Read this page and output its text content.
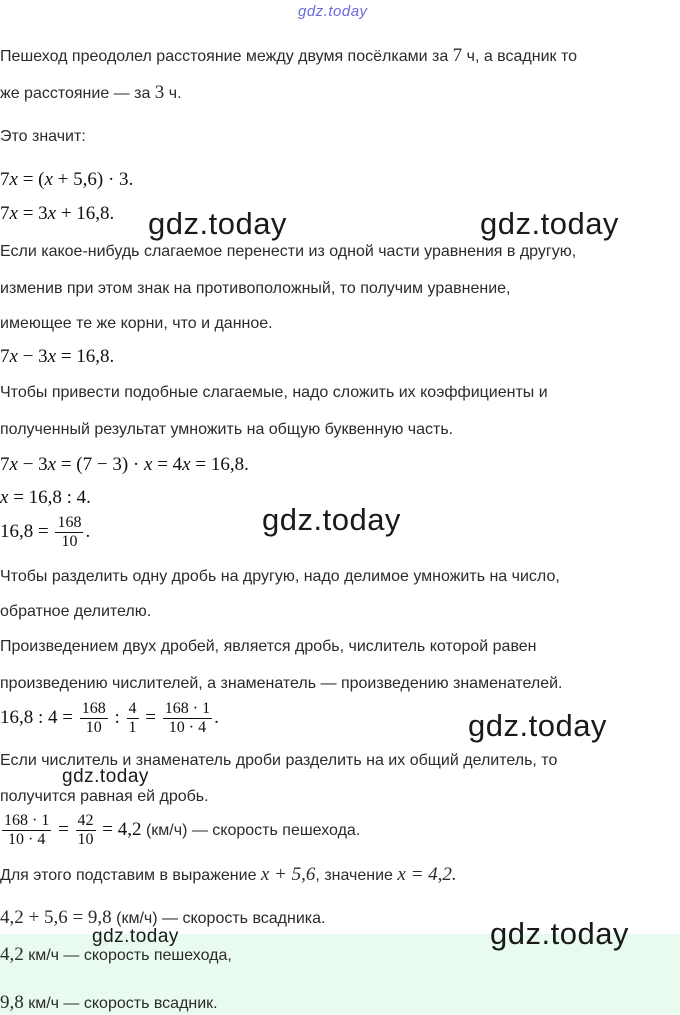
gdz.today
Пешеход преодолел расстояние между двумя посёлками за 7 ч, а всадник то
же расстояние — за 3 ч.
Это значит:
7x = (x + 5,6) · 3.
7x = 3x + 16,8. gdz.today	gdz.today
Если какое-нибудь слагаемое перенести из одной части уравнения в другую,
изменив при этом знак на противоположный, то получим уравнение,
имеющее те же корни, что и данное.
7x − 3x = 16,8.
Чтобы привести подобные слагаемые, надо сложить их коэффициенты и
полученный результат умножить на общую буквенную часть.
7x − 3x = (7 − 3) · x = 4x = 16,8.
x = 16,8 : 4.
$16,8 = \frac{168}{10}$ .	gdz.today
Чтобы разделить одну дробь на другую, надо делимое умножить на число,
обратное делителю.
Произведением двух дробей, является дробь, числитель которой равен
произведению числителей, а знаменатель — произведению знаменателей.
16,8 : $4 = \frac{168}{10}$ : $\frac{4}{1} = \frac{168 \cdot 1}{10 \cdot 4}$ .	gdz.today
Если числитель и знаменатель дроби разделить на их общий делитель, то
gdz.today
получится равная ей дробь.
$\frac{168 \cdot 1}{10 \cdot 4} = \frac{42}{10} = 4,2$ (км/ч) — скорость пешехода.
Для этого подставим в выражение x + 5,6, значение x = 4,2.
4,2 + 5,6 = 9,8 (км/ч) — скорость всадника.
gdz.today	gdz.today
4,2 км/ч — скорость пешехода,
9,8 км/ч — скорость всадник.
